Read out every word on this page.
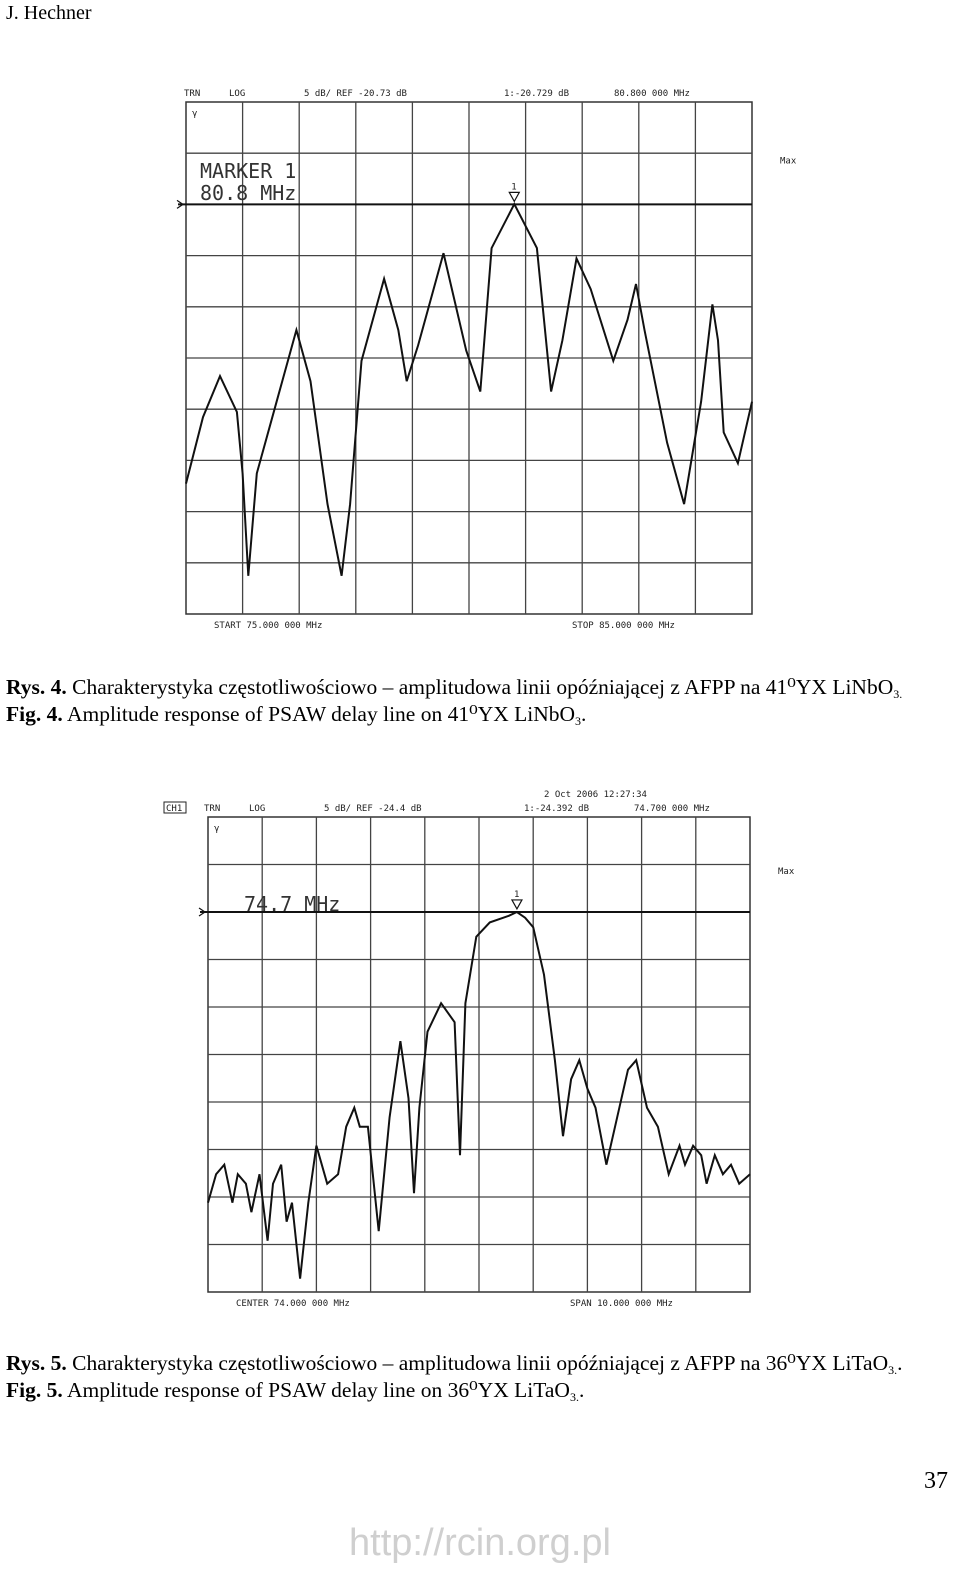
J. Hechner
1
TRN	LOG	5 dB/ REF -20.73 dB	1:-20.729 dB	80.800 000 MHz
γ
MARKER 1
80.8 MHz
Max
START 75.000 000 MHz	STOP 85.000 000 MHz
1
CH1 TRN	LOG	5 dB/ REF -24.4 dB	1:-24.392 dB	74.700 000 MHz
2 Oct 2006 12:27:34
γ
74.7 MHz
Max
CENTER 74.000 000 MHz	SPAN 10.000 000 MHz
Rys. 4. Charakterystyka częstotliwościowo – amplitudowa linii opóźniającej z AFPP na 41⁰YX LiNbO$_{3.}$
Fig. 4. Amplitude response of PSAW delay line on 41⁰YX LiNbO$_3$.
Rys. 5. Charakterystyka częstotliwościowo – amplitudowa linii opóźniającej z AFPP na 36⁰YX LiTaO$_{3.}$.
Fig. 5. Amplitude response of PSAW delay line on 36⁰YX LiTaO$_{3.}$.
37
http://rcin.org.pl
